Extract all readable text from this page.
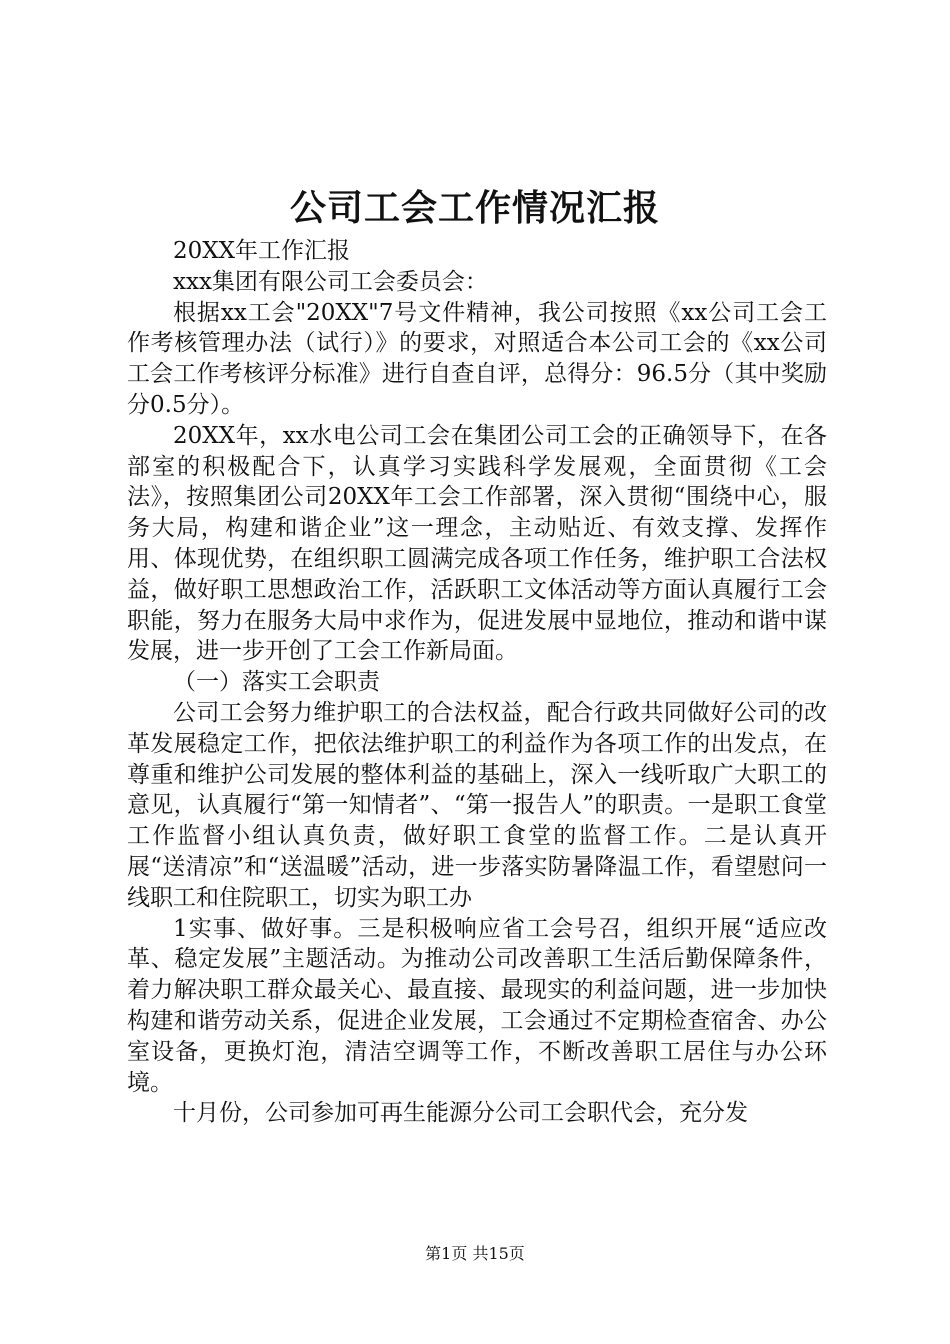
公司工会工作情况汇报

20XX年工作汇报

xxx集团有限公司工会委员会：

根据xx工会"20XX"7号文件精神，我公司按照《xx公司工会工作考核管理办法（试行）》的要求，对照适合本公司工会的《xx公司工会工作考核评分标准》进行自查自评，总得分：96.5分（其中奖励分0.5分）。

20XX年，xx水电公司工会在集团公司工会的正确领导下，在各部室的积极配合下，认真学习实践科学发展观，全面贯彻《工会法》，按照集团公司20XX年工会工作部署，深入贯彻“围绕中心，服务大局，构建和谐企业”这一理念，主动贴近、有效支撑、发挥作用、体现优势，在组织职工圆满完成各项工作任务，维护职工合法权益，做好职工思想政治工作，活跃职工文体活动等方面认真履行工会职能，努力在服务大局中求作为，促进发展中显地位，推动和谐中谋发展，进一步开创了工会工作新局面。

（一）落实工会职责

公司工会努力维护职工的合法权益，配合行政共同做好公司的改革发展稳定工作，把依法维护职工的利益作为各项工作的出发点，在尊重和维护公司发展的整体利益的基础上，深入一线听取广大职工的意见，认真履行“第一知情者”、“第一报告人”的职责。一是职工食堂工作监督小组认真负责，做好职工食堂的监督工作。二是认真开展“送清凉”和“送温暖”活动，进一步落实防暑降温工作，看望慰问一线职工和住院职工，切实为职工办

1实事、做好事。三是积极响应省工会号召，组织开展“适应改革、稳定发展”主题活动。为推动公司改善职工生活后勤保障条件，着力解决职工群众最关心、最直接、最现实的利益问题，进一步加快构建和谐劳动关系，促进企业发展，工会通过不定期检查宿舍、办公室设备，更换灯泡，清洁空调等工作，不断改善职工居住与办公环境。

十月份，公司参加可再生能源分公司工会职代会，充分发

第1页 共15页
